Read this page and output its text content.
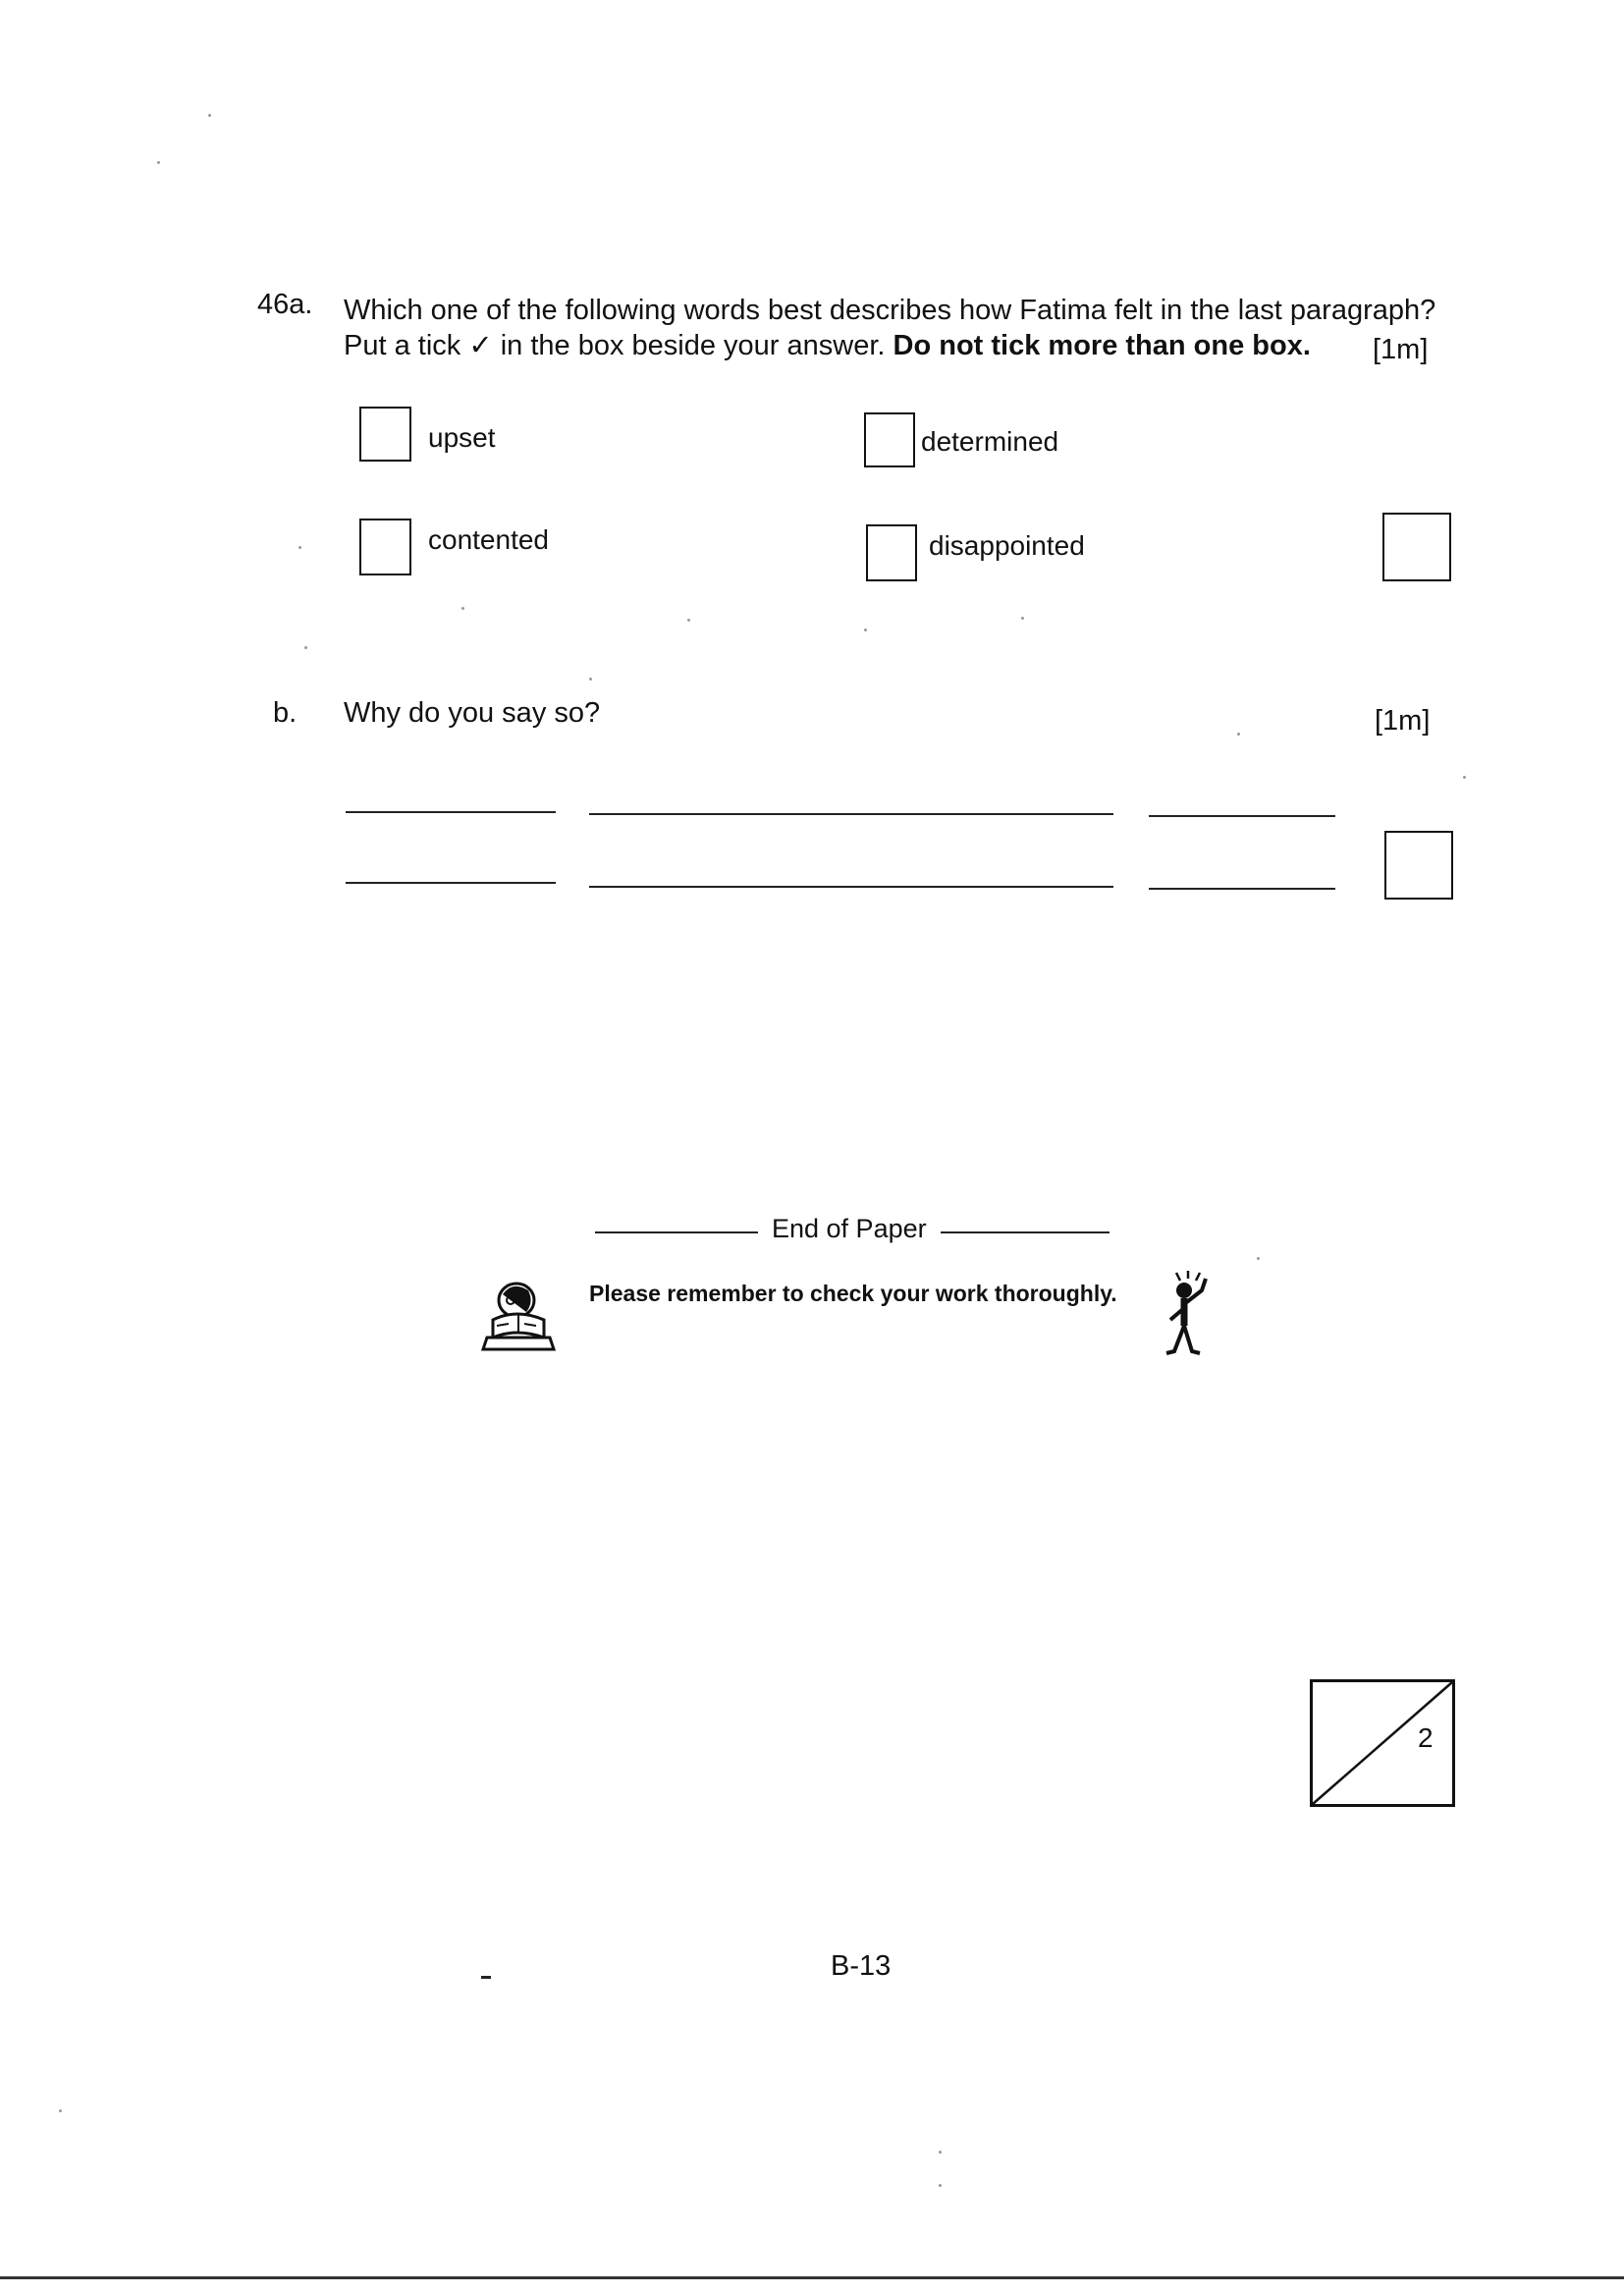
46a. Which one of the following words best describes how Fatima felt in the last paragraph?
Put a tick ✓ in the box beside your answer. Do not tick more than one box. [1m]
upset	determined
contented	disappointed
b. Why do you say so?	[1m]
End of Paper
Please remember to check your work thoroughly.
2
B-13
